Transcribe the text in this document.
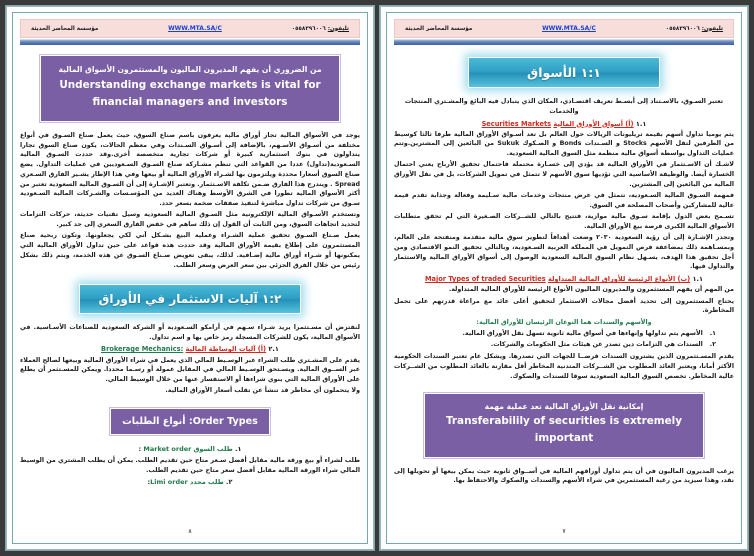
تليفون: ٠٥٥٨٣٩٦٠٠٦
WWW.MTA.SA/C
مؤسسة المحاضر الحديثة
١:١ الأسواق

تعتبر السـوق، بالاسـتناد إلى أبسـط تعريف اقتصـادي، المكان الذي يتبادل فيه البائع والمشـتري المنتجات والخدمات

١.١ (أ) أسواق الأوراق المالية Securities Markets

يتم يوميا تداول أسهم بقيمة تريليونات الريالات حول العالم بل تعد أسـواق الأوراق المالية طرفا ثالثا كوسيط من الطرفين لتقل الأسهم Stocks و السـندات Bonds و الصـكوك Sukuk من البائعين إلى المشترين.وتتم عمليات التداول بواسطة أسواق مالية منظمة مثل السوق المالية السعودية.

لاشـك أن الاسـتثمار في الأوراق المالية قد يؤدي إلى خسـارة محتملة فاحتمال تحقيق الأرباح يعني احتمال الخسارة أيضا. والوظيفة الأساسية التي تؤديها سوق الأسهم لا تتمثل في تمويل الشركات، بل في نقل الأوراق المالية من البائعين إلى المشترين.

فمهمة السـوق المالية السـعودية، تتمثل في عرض منتجات وخدمات مالية سـليمة وفعالة وجذابة تقدم قيمة عالية للمشاركين وأصحاب المصلحة في السوق.

تسـمح بعض الدول بإقامة سـوق مالية موازية، فتتيح بالتالي للشــركات الصـغيرة التي لم تحقق متطلبات الأسواق المالية الكبرى فرصة بيع الأوراق المالية.

وتجدر الإشـارة إلى أن رؤية السعودية ٢٠٣٠ وضعت أهدافاً لتطوير سوق مالية متقدمة ومنفتحة على العالم، وبمسـاهمة ذلك بمضاعفة فرص التمويل في المملكة العربية السـعودية، وبالتالي تحقيق النمو الاقتصادي ومن أجل تحقيق هذا الهدف، يسـهل نظام السوق المالية السعودية الوصول إلى أسواق الأوراق المالية والاستثمار والتداول فيها.

١.١ (ب) الأنواع الرئيسة للأوراق المالية المتداولة Major Types of traded Securities

من المهم أن يفهم المستثمرون والمديرون الماليون الأنواع الرئيسة للأوراق المالية المتداولة.

يحتاج المستثمرون إلى تحديد أفضل مجالات الاستثمار لتحقيق أعلى عائد مع مراعاة قدرتهم على تحمل المخاطرة.

والأسهم والسندات هما النوعان الرئيسان للأوراق المالية:

١. الأسهم يتم تداولها وإنهاءها في أسواق مالية ثانوية تسهل نقل الأوراق المالية.
٢. السندات هي التزامات دين تصدر عن هيئات مثل الحكومات والشركات.

يقدم المسـتثمرون الذين يشترون السندات قرضــا للجهات التي تصدرها. ويشكل عام تعتبر السندات الحكومية الأكثر أمانا، ويعتبر العائد المطلوب من الشــركات المتدنية المخاطر أقل مقارنة بالعائد المطلوب من الشــركات عالية المخاطر. تخصص السوق المالية السعودية سوقا للسندات والصكوك.

إمكانية نقل الأوراق المالية تعد عملية مهمة
Transferabilily of securities is extremely
important

يرغب المديرون الماليون في أن يتم تداول أوراقهم المالية في أســواق ثانوية حيث يمكن بيعها أو تحويلها إلى نقد، وهذا سيزيد من رغبة المستثمرين في شراء الأسهم والسندات والصكوك والاحتفاظ بها.

٧
تليفون: ٠٥٥٨٣٩٦٠٠٦
WWW.MTA.SA/C
مؤسسة المحاضر الحديثة
من الضروري أن يفهم المديرون الماليون والمستثمرون الأسواق المالية
Understanding exchange markets is vital for
financial managers and investors

يوجد في الأسواق المالية تجار أوراق مالية يعرفون باسم صناع السوق، حيث يعمل صناع السـوق في أنواع مختلفة من أسـواق الأسـهم، بالإضافة إلى أسـواق السـندات وفي معظم الحالات، يكون صناع السوق تجارا يتداولون في بنوك استثمارية كبيرة أو شركات تجارية متخصصة أخرى.وقد حددت السـوق المالية السـعودية(تداول) عددا من القواعد التي تنظم مشـاركة صناع السـوق السـعوديين في عمليات التداول. يضع صناع السوق أسعارا محددة ويلتزمون بها لشـراء الأوراق المالية أو بيعها وفي هذا الإطار يشـير الفارق السـعري Spread . ويندرج هذا الفارق ضـمن تكلفة الاسـتثمار. وتعتبر الإشـارة إلى أن السـوق المالية السعودية تعتبر من أكثر الأسواق المالية تطورا في الشرق الأوسط وهناك العديد من المؤسـسات والشـركات المالية السـعودية سـوق من شركات تداول مباشرة لتنفيذ صفقات ضخمة بسعر حدد.

وتستخدم الأسـواق المالية الإلكترونية مثل السـوق المالية السعودية وسيل تقنيات حديثة، حركات التزامات لتحديد اتجاهات السوق، ومن الثابت أن القول إن ذلك ساهم في خفض الفارق السعري إلى حد كبير.

يعمل صـناع السـوق تحقيق عملية الشـراء وعملية البيع بشـكل آني لكي يجعلونها. وتكون ربحية صناع المستثمرون على إطلاع بقيمة الأوراق المالية وقد حددت هذه قواعد على حين تداول الأوراق المالية التي يمكنونها أو شـراء أوراق مالية إضـافية. لذلك، يبقى تعويض صـناع السـوق عن هذه الخدمة، وبتم ذلك بشكل رئيس من خلال الفرق الجزئي بين سعر العرض وسعر الطلب.

١:٢ آليات الاستثمار في الأوراق

لنفترض أن مسـتثمرا يريد شـراء سـهم في أرامكو السـعودية أو الشركة السعودية للصناعات الأسـاسية. في الأسواق المالية، يكون للشركات المسجلة رمز خاص بها و اسم تداول.

٢.١ (أ) آليات الوساطة المالية Brokerage Mechanics:

يقدم على المشـتري طلب الشراء عبر الوسـيط المالي الذي يعمل في شراء الأوراق المالية وبيعها لصالح العملاء عبر الســوق المالية. ويسـتحق الوسـيط المالي في المقابل عمولة أو رسـما محددا. ويمكن للمسـتثمر أن يطلع على الأوراق المالية التي ينوي شراءها أو الاستفسار عنها من خلال الوسيط المالي.

ولا يتحملون أي مخاطر قد تنشأ عن تقلب أسعار الأوراق المالية.

أنواع الطلبات :Order Types

١. طلب السوق Market order :

طلب لشراء أو بيع ورقة مالية مقابل أفضل سـعر متاح حين تقديم الطلب. يمكن أن يطلب المشتري من الوسيط المالي شراء الورقة المالية مقابل أفضل سعر متاح حين تقديم الطلب.

٢. طلب محدد Limi order:

٨
